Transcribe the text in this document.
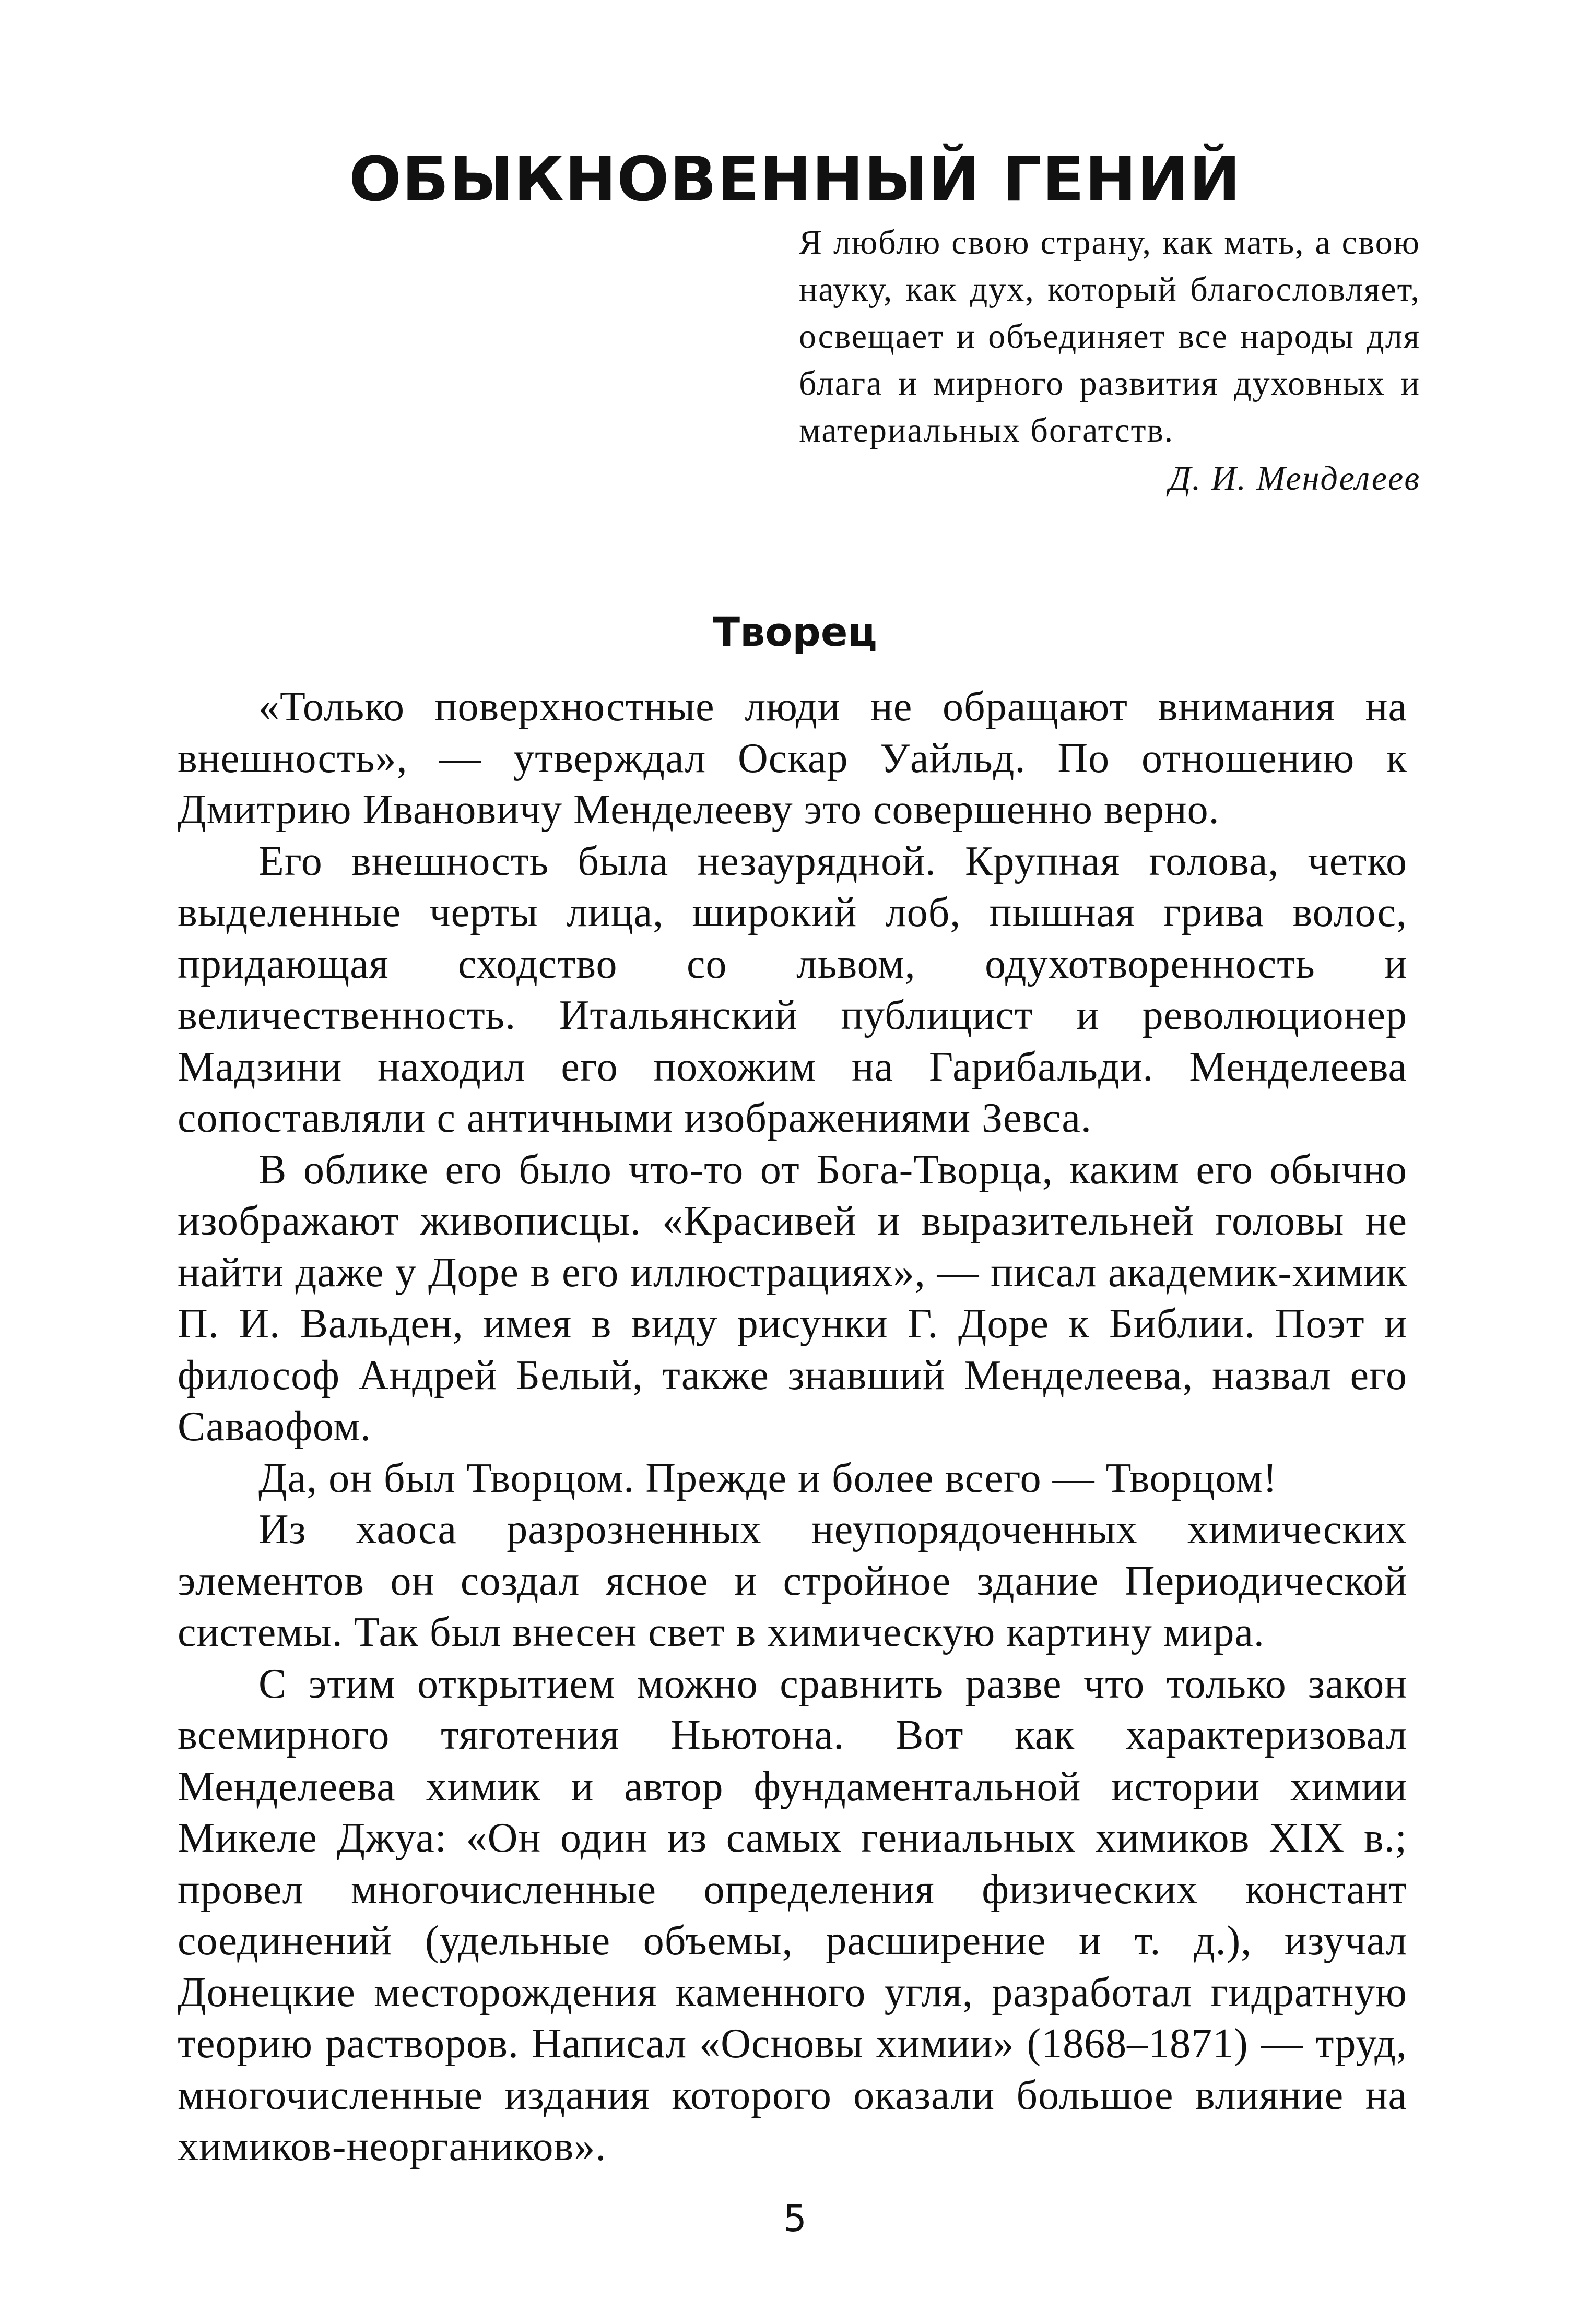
ОБЫКНОВЕННЫЙ ГЕНИЙ
Я люблю свою страну, как мать, а свою науку, как дух, который благословляет, освещает и объединяет все народы для блага и мирного развития духовных и материальных богатств.
Д. И. Менделеев
Творец

«Только поверхностные люди не обращают внимания на внешность», — утверждал Оскар Уайльд. По отношению к Дмитрию Ивановичу Менделееву это совершенно верно.

Его внешность была незаурядной. Крупная голова, четко выделенные черты лица, широкий лоб, пышная грива волос, придающая сходство со львом, одухотворенность и величественность. Итальянский публицист и революционер Мадзини находил его похожим на Гарибальди. Менделеева сопоставляли с античными изображениями Зевса.

В облике его было что-то от Бога-Творца, каким его обычно изображают живописцы. «Красивей и выразительней головы не найти даже у Доре в его иллюстрациях», — писал академик-химик П. И. Вальден, имея в виду рисунки Г. Доре к Библии. Поэт и философ Андрей Белый, также знавший Менделеева, назвал его Саваофом.

Да, он был Творцом. Прежде и более всего — Творцом!

Из хаоса разрозненных неупорядоченных химических элементов он создал ясное и стройное здание Периодической системы. Так был внесен свет в химическую картину мира.

С этим открытием можно сравнить разве что только закон всемирного тяготения Ньютона. Вот как характеризовал Менделеева химик и автор фундаментальной истории химии Микеле Джуа: «Он один из самых гениальных химиков XIX в.; провел многочисленные определения физических констант соединений (удельные объемы, расширение и т. д.), изучал Донецкие месторождения каменного угля, разработал гидратную теорию растворов. Написал «Основы химии» (1868–1871) — труд, многочисленные издания которого оказали большое влияние на химиков-неоргаников».

5
